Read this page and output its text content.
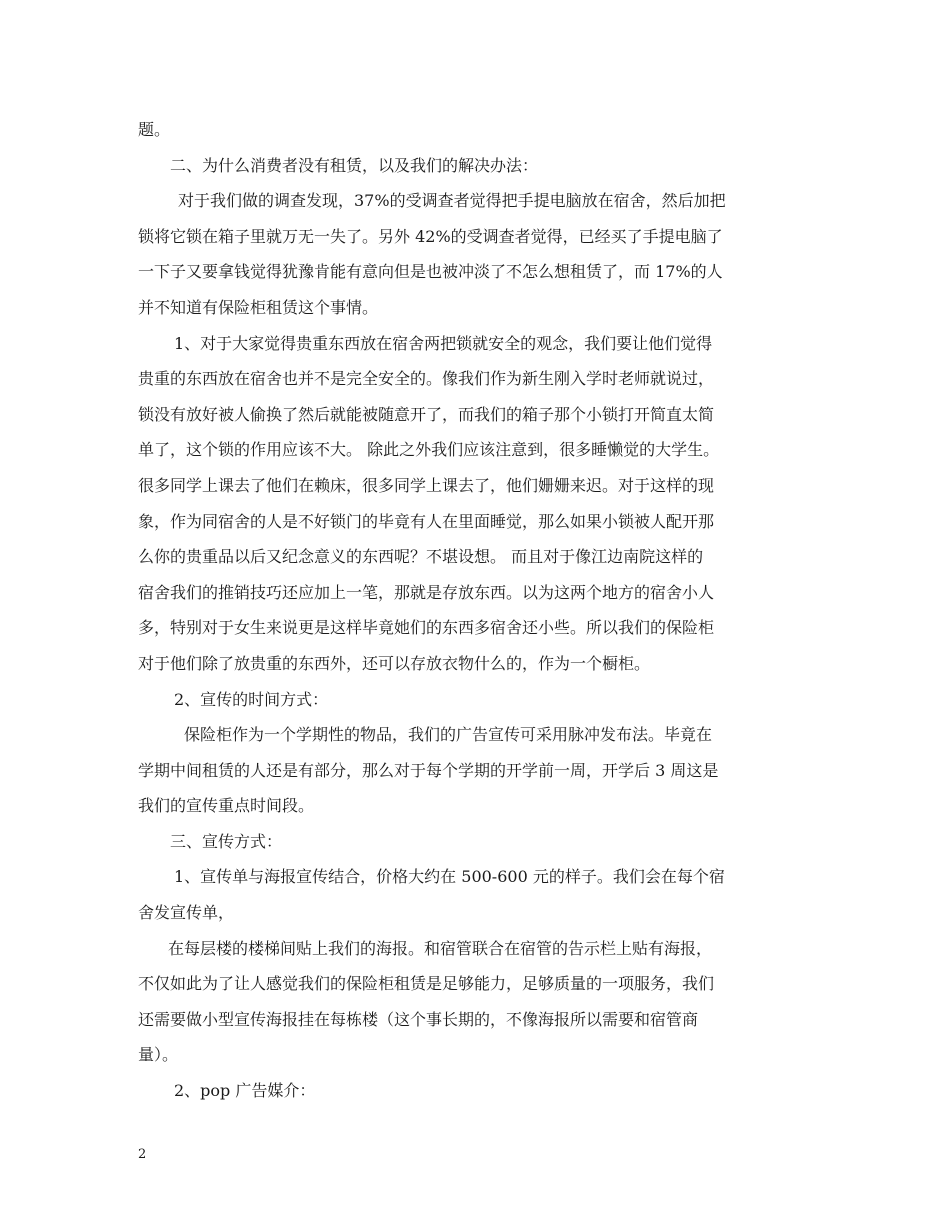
题。
二、为什么消费者没有租赁，以及我们的解决办法：
对于我们做的调查发现，37%的受调查者觉得把手提电脑放在宿舍，然后加把
锁将它锁在箱子里就万无一失了。另外 42%的受调查者觉得，已经买了手提电脑了
一下子又要拿钱觉得犹豫肯能有意向但是也被冲淡了不怎么想租赁了，而 17%的人
并不知道有保险柜租赁这个事情。
1、对于大家觉得贵重东西放在宿舍两把锁就安全的观念，我们要让他们觉得
贵重的东西放在宿舍也并不是完全安全的。像我们作为新生刚入学时老师就说过，
锁没有放好被人偷换了然后就能被随意开了，而我们的箱子那个小锁打开简直太简
单了，这个锁的作用应该不大。 除此之外我们应该注意到，很多睡懒觉的大学生。
很多同学上课去了他们在赖床，很多同学上课去了，他们姗姗来迟。对于这样的现
象，作为同宿舍的人是不好锁门的毕竟有人在里面睡觉，那么如果小锁被人配开那
么你的贵重品以后又纪念意义的东西呢？不堪设想。 而且对于像江边南院这样的
宿舍我们的推销技巧还应加上一笔，那就是存放东西。以为这两个地方的宿舍小人
多，特别对于女生来说更是这样毕竟她们的东西多宿舍还小些。所以我们的保险柜
对于他们除了放贵重的东西外，还可以存放衣物什么的，作为一个橱柜。
2、宣传的时间方式：
保险柜作为一个学期性的物品，我们的广告宣传可采用脉冲发布法。毕竟在
学期中间租赁的人还是有部分，那么对于每个学期的开学前一周，开学后 3 周这是
我们的宣传重点时间段。
三、宣传方式：
1、宣传单与海报宣传结合，价格大约在 500-600 元的样子。我们会在每个宿
舍发宣传单，
在每层楼的楼梯间贴上我们的海报。和宿管联合在宿管的告示栏上贴有海报，
不仅如此为了让人感觉我们的保险柜租赁是足够能力，足够质量的一项服务，我们
还需要做小型宣传海报挂在每栋楼（这个事长期的，不像海报所以需要和宿管商
量）。
2、pop 广告媒介：
2
